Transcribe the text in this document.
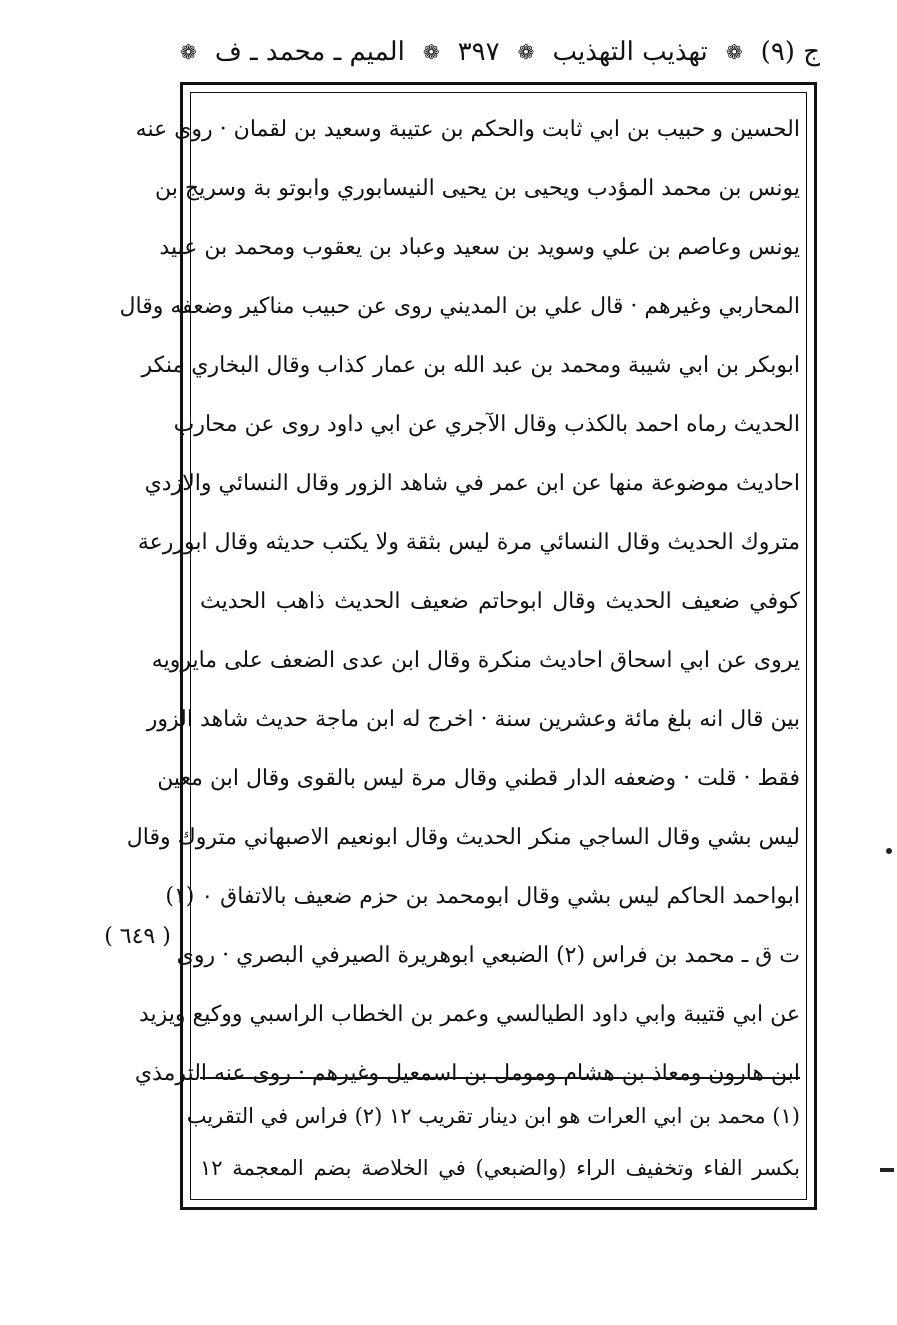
ج (٩)
❁
تهذيب التهذيب
❁
٣٩٧
❁
الميم ـ محمد ـ ف
❁
الحسين و حبيب بن ابي ثابت والحكم بن عتيبة وسعيد بن لقمان · روى عنه
يونس بن محمد المؤدب ويحيى بن يحيى النيسابوري وابوتو بة وسريج بن
يونس وعاصم بن علي وسويد بن سعيد وعباد بن يعقوب ومحمد بن عبيد
المحاربي وغيرهم · قال علي بن المديني روى عن حبيب مناكير وضعفه وقال
ابوبكر بن ابي شيبة ومحمد بن عبد الله بن عمار كذاب وقال البخاري منكر
الحديث رماه احمد بالكذب وقال الآجري عن ابي داود روى عن محارب
احاديث موضوعة منها عن ابن عمر في شاهد الزور وقال النسائي والازدي
متروك الحديث وقال النسائي مرة ليس بثقة ولا يكتب حديثه وقال ابوزرعة
كوفي ضعيف الحديث وقال ابوحاتم ضعيف الحديث ذاهب الحديث
يروى عن ابي اسحاق احاديث منكرة وقال ابن عدى الضعف على مايرويه
بين قال انه بلغ مائة وعشرين سنة · اخرج له ابن ماجة حديث شاهد الزور
فقط · قلت · وضعفه الدار قطني وقال مرة ليس بالقوى وقال ابن معين
ليس بشي وقال الساجي منكر الحديث وقال ابونعيم الاصبهاني متروك وقال
ابواحمد الحاكم ليس بشي وقال ابومحمد بن حزم ضعيف بالاتفاق ٠ (١)
ت ق ـ محمد بن فراس (٢) الضبعي ابوهريرة الصيرفي البصري · روى
عن ابي قتيبة وابي داود الطيالسي وعمر بن الخطاب الراسبي ووكيع ويزيد
ابن هارون ومعاذ بن هشام ومومل بن اسمعيل وغيرهم · روى عنه الترمذي
(١) محمد بن ابي العرات هو ابن دينار تقريب ١٢ (٢) فراس في التقريب
بكسر الفاء وتخفيف الراء (والضبعي) في الخلاصة بضم المعجمة ١٢
( ٦٤٩ )
